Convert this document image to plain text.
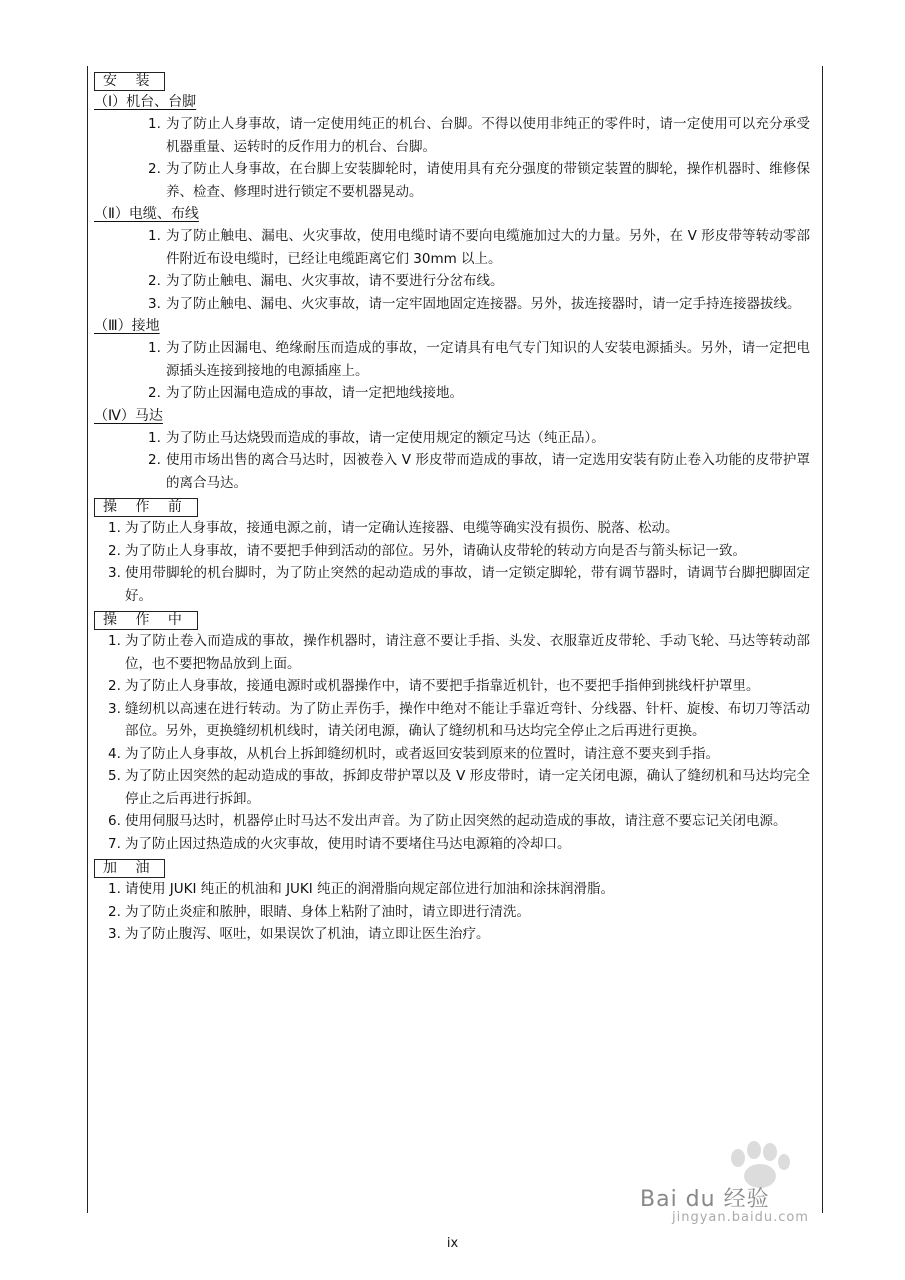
安 装
（Ⅰ）机台、台脚
1. 为了防止人身事故，请一定使用纯正的机台、台脚。不得以使用非纯正的零件时，请一定使用可以充分承受机器重量、运转时的反作用力的机台、台脚。
2. 为了防止人身事故，在台脚上安装脚轮时，请使用具有充分强度的带锁定装置的脚轮，操作机器时、维修保养、检查、修理时进行锁定不要机器晃动。
（Ⅱ）电缆、布线
1. 为了防止触电、漏电、火灾事故，使用电缆时请不要向电缆施加过大的力量。另外，在 V 形皮带等转动零部件附近布设电缆时，已经让电缆距离它们 30mm 以上。
2. 为了防止触电、漏电、火灾事故，请不要进行分岔布线。
3. 为了防止触电、漏电、火灾事故，请一定牢固地固定连接器。另外，拔连接器时，请一定手持连接器拔线。
（Ⅲ）接地
1. 为了防止因漏电、绝缘耐压而造成的事故，一定请具有电气专门知识的人安装电源插头。另外，请一定把电源插头连接到接地的电源插座上。
2. 为了防止因漏电造成的事故，请一定把地线接地。
（Ⅳ）马达
1. 为了防止马达烧毁而造成的事故，请一定使用规定的额定马达（纯正品）。
2. 使用市场出售的离合马达时，因被卷入 V 形皮带而造成的事故，请一定选用安装有防止卷入功能的皮带护罩的离合马达。
操 作 前
1. 为了防止人身事故，接通电源之前，请一定确认连接器、电缆等确实没有损伤、脱落、松动。
2. 为了防止人身事故，请不要把手伸到活动的部位。另外，请确认皮带轮的转动方向是否与箭头标记一致。
3. 使用带脚轮的机台脚时，为了防止突然的起动造成的事故，请一定锁定脚轮，带有调节器时，请调节台脚把脚固定好。
操 作 中
1. 为了防止卷入而造成的事故，操作机器时，请注意不要让手指、头发、衣服靠近皮带轮、手动飞轮、马达等转动部位，也不要把物品放到上面。
2. 为了防止人身事故，接通电源时或机器操作中，请不要把手指靠近机针，也不要把手指伸到挑线杆护罩里。
3. 缝纫机以高速在进行转动。为了防止弄伤手，操作中绝对不能让手靠近弯针、分线器、针杆、旋梭、布切刀等活动部位。另外，更换缝纫机机线时，请关闭电源，确认了缝纫机和马达均完全停止之后再进行更换。
4. 为了防止人身事故，从机台上拆卸缝纫机时，或者返回安装到原来的位置时，请注意不要夹到手指。
5. 为了防止因突然的起动造成的事故，拆卸皮带护罩以及 V 形皮带时，请一定关闭电源，确认了缝纫机和马达均完全停止之后再进行拆卸。
6. 使用伺服马达时，机器停止时马达不发出声音。为了防止因突然的起动造成的事故，请注意不要忘记关闭电源。
7. 为了防止因过热造成的火灾事故，使用时请不要堵住马达电源箱的冷却口。
加 油
1. 请使用 JUKI 纯正的机油和 JUKI 纯正的润滑脂向规定部位进行加油和涂抹润滑脂。
2. 为了防止炎症和脓肿，眼睛、身体上粘附了油时，请立即进行清洗。
3. 为了防止腹泻、呕吐，如果误饮了机油，请立即让医生治疗。
Bai du 经验
jingyan.baidu.com
ix
